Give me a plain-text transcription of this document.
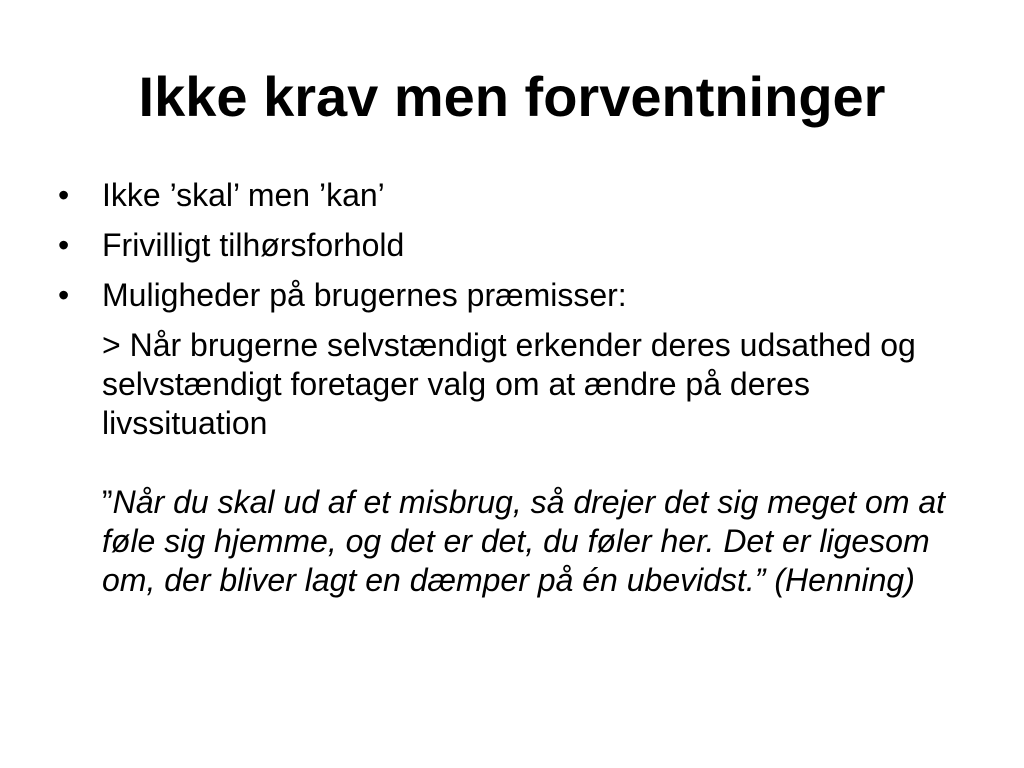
Ikke krav men forventninger
• Ikke ’skal’ men ’kan’
• Frivilligt tilhørsforhold
• Muligheder på brugernes præmisser:

> Når brugerne selvstændigt erkender deres udsathed og selvstændigt foretager valg om at ændre på deres livssituation

”Når du skal ud af et misbrug, så drejer det sig meget om at føle sig hjemme, og det er det, du føler her. Det er ligesom om, der bliver lagt en dæmper på én ubevidst.” (Henning)
